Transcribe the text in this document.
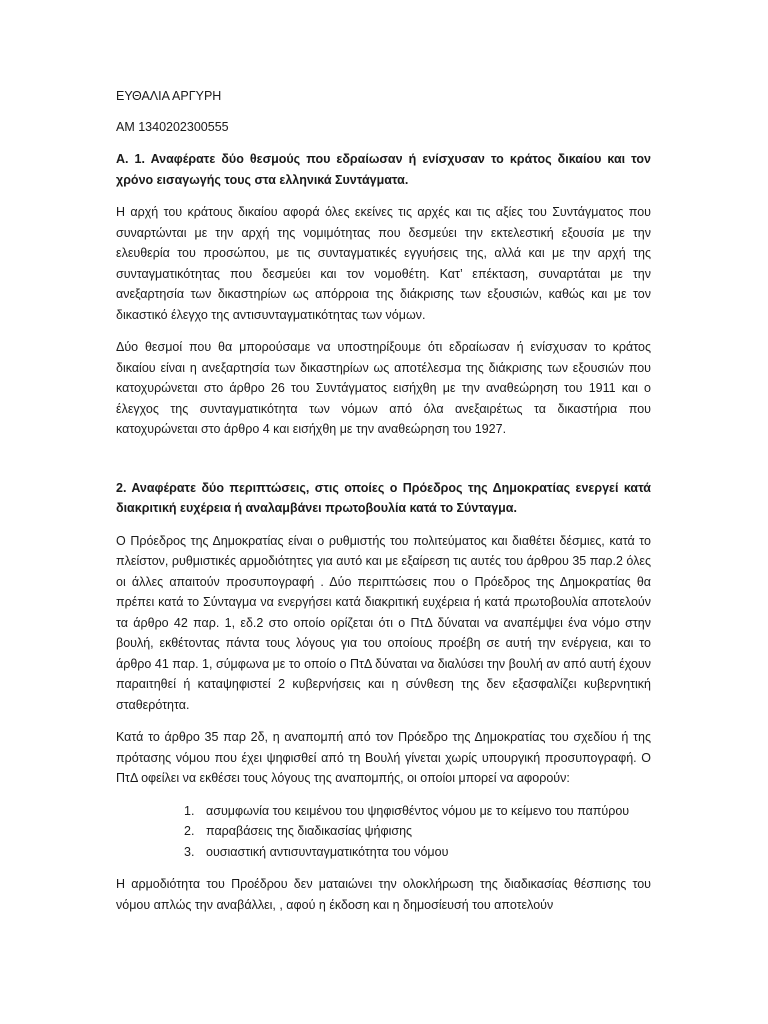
ΕΥΘΑΛΙΑ ΑΡΓΥΡΗ
AM 1340202300555
Α. 1. Αναφέρατε δύο θεσμούς που εδραίωσαν ή ενίσχυσαν το κράτος δικαίου και τον χρόνο εισαγωγής τους στα ελληνικά Συντάγματα.
Η αρχή του κράτους δικαίου αφορά όλες εκείνες τις αρχές και τις αξίες του Συντάγματος που συναρτώνται με την αρχή της νομιμότητας που δεσμεύει την εκτελεστική εξουσία με την ελευθερία του προσώπου, με τις συνταγματικές εγγυήσεις της, αλλά και με την αρχή της συνταγματικότητας που δεσμεύει και τον νομοθέτη. Κατ’ επέκταση, συναρτάται με την ανεξαρτησία των δικαστηρίων ως απόρροια της διάκρισης των εξουσιών, καθώς και με τον δικαστικό έλεγχο της αντισυνταγματικότητας των νόμων.
Δύο θεσμοί που θα μπορούσαμε να υποστηρίξουμε ότι εδραίωσαν ή ενίσχυσαν το κράτος δικαίου είναι η ανεξαρτησία των δικαστηρίων ως αποτέλεσμα της διάκρισης των εξουσιών που κατοχυρώνεται στο άρθρο 26 του Συντάγματος εισήχθη με την αναθεώρηση του 1911 και ο έλεγχος της συνταγματικότητα των νόμων από όλα ανεξαιρέτως τα δικαστήρια που κατοχυρώνεται στο άρθρο 4 και εισήχθη με την αναθεώρηση του 1927.
2. Αναφέρατε δύο περιπτώσεις, στις οποίες ο Πρόεδρος της Δημοκρατίας ενεργεί κατά διακριτική ευχέρεια ή αναλαμβάνει πρωτοβουλία κατά το Σύνταγμα.
Ο Πρόεδρος της Δημοκρατίας είναι ο ρυθμιστής του πολιτεύματος και διαθέτει δέσμιες, κατά το πλείστον, ρυθμιστικές αρμοδιότητες για αυτό και με εξαίρεση τις αυτές του άρθρου 35 παρ.2 όλες οι άλλες απαιτούν προσυπογραφή . Δύο περιπτώσεις που ο Πρόεδρος της Δημοκρατίας θα πρέπει κατά το Σύνταγμα να ενεργήσει κατά διακριτική ευχέρεια ή κατά πρωτοβουλία αποτελούν τα άρθρο 42 παρ. 1, εδ.2 στο οποίο ορίζεται ότι ο ΠτΔ δύναται να αναπέμψει ένα νόμο στην βουλή, εκθέτοντας πάντα τους λόγους για του οποίους προέβη σε αυτή την ενέργεια, και το άρθρο 41 παρ. 1, σύμφωνα με το οποίο ο ΠτΔ δύναται να διαλύσει την βουλή αν από αυτή έχουν παραιτηθεί ή καταψηφιστεί 2 κυβερνήσεις και η σύνθεση της δεν εξασφαλίζει κυβερνητική σταθερότητα.
Κατά το άρθρο 35 παρ 2δ, η αναπομπή από τον Πρόεδρο της Δημοκρατίας του σχεδίου ή της πρότασης νόμου που έχει ψηφισθεί από τη Βουλή γίνεται χωρίς υπουργική προσυπογραφή. Ο ΠτΔ οφείλει να εκθέσει τους λόγους της αναπομπής, οι οποίοι μπορεί να αφορούν:
1. ασυμφωνία του κειμένου του ψηφισθέντος νόμου με το κείμενο του παπύρου
2. παραβάσεις της διαδικασίας ψήφισης
3. ουσιαστική αντισυνταγματικότητα του νόμου
Η αρμοδιότητα του Προέδρου δεν ματαιώνει την ολοκλήρωση της διαδικασίας θέσπισης του νόμου απλώς την αναβάλλει, , αφού η έκδοση και η δημοσίευσή του αποτελούν
